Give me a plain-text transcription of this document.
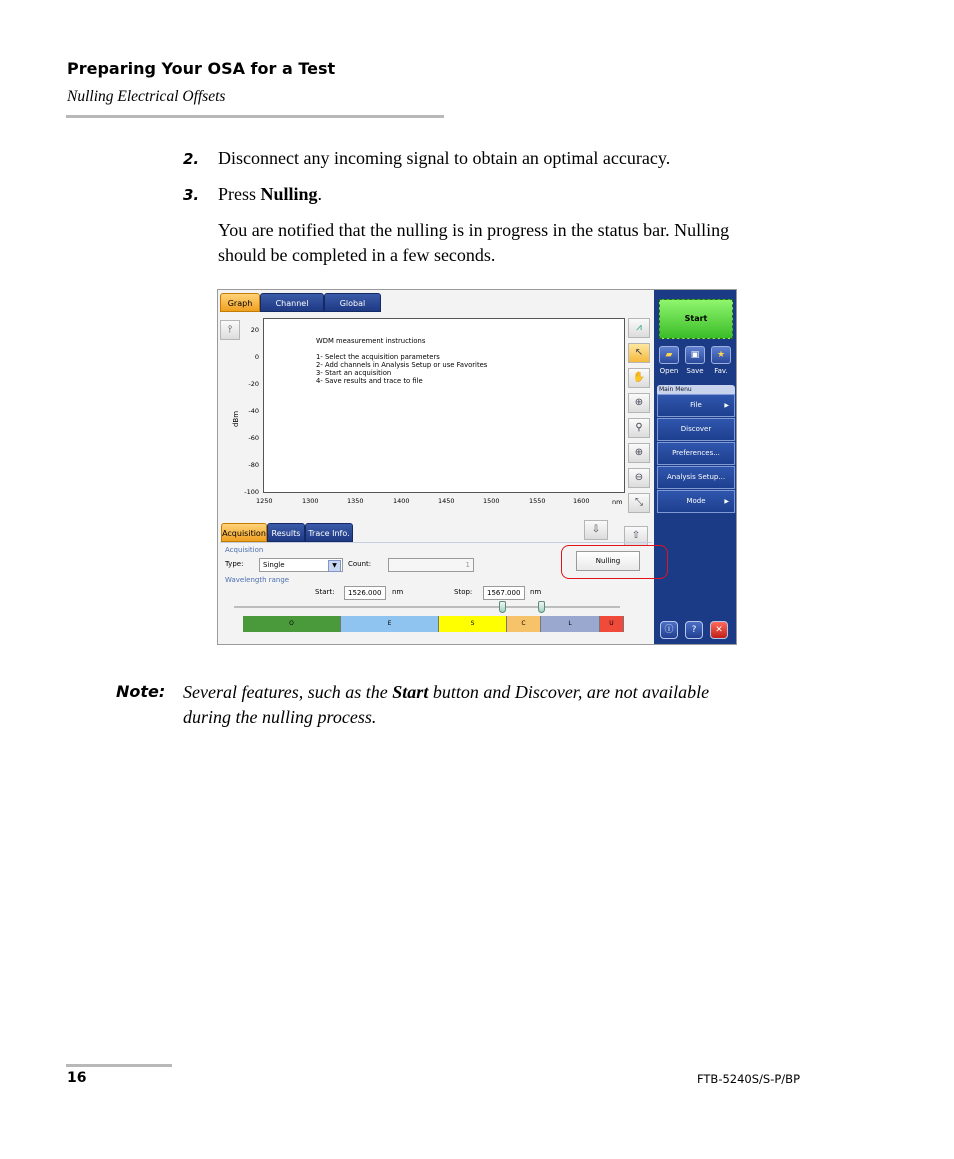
Preparing Your OSA for a Test
Nulling Electrical Offsets
2. Disconnect any incoming signal to obtain an optimal accuracy.
3. Press Nulling.
You are notified that the nulling is in progress in the status bar. Nulling
should be completed in a few seconds.
Graph	Channel	Global
⫯
dBm
20
0
-20
-40
-60
-80
-100
WDM measurement instructions
1- Select the acquisition parameters
2- Add channels in Analysis Setup or use Favorites
3- Start an acquisition
4- Save results and trace to file
1250	1300	1350	1400	1450	1500	1550	1600	nm
⩘
↖
✋
⊕
⚲
⊕
⊖
⤡
Start
▰	▣	★
Open	Save	Fav.
Main Menu
File	▶
Discover
Preferences...
Analysis Setup...
Mode	▶
ⓘ	?	✕
Acquisition Results Trace Info.	⇩
⇧
Acquisition
Type:	Single	▼	Count:	1	Nulling
Wavelength range
Start:	1526.000	nm	Stop:	1567.000	nm
O	E	S	C	L	U
Note: Several features, such as the Start button and Discover, are not available
during the nulling process.
16	FTB-5240S/S-P/BP
